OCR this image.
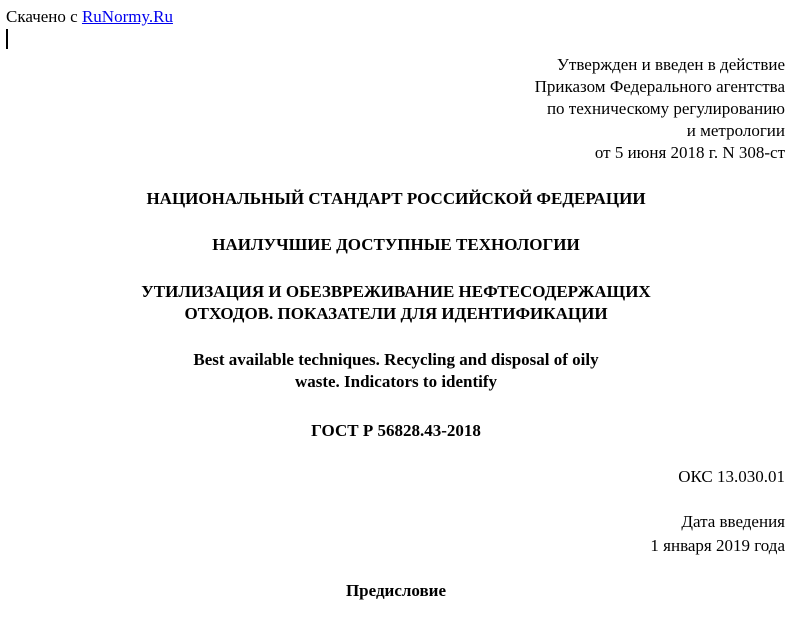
Скачено с RuNormy.Ru
Утвержден и введен в действие
Приказом Федерального агентства
по техническому регулированию
и метрологии
от 5 июня 2018 г. N 308-ст
НАЦИОНАЛЬНЫЙ СТАНДАРТ РОССИЙСКОЙ ФЕДЕРАЦИИ
НАИЛУЧШИЕ ДОСТУПНЫЕ ТЕХНОЛОГИИ
УТИЛИЗАЦИЯ И ОБЕЗВРЕЖИВАНИЕ НЕФТЕСОДЕРЖАЩИХ
ОТХОДОВ. ПОКАЗАТЕЛИ ДЛЯ ИДЕНТИФИКАЦИИ
Best available techniques. Recycling and disposal of oily
waste. Indicators to identify
ГОСТ Р 56828.43-2018
ОКС 13.030.01
Дата введения
1 января 2019 года
Предисловие
